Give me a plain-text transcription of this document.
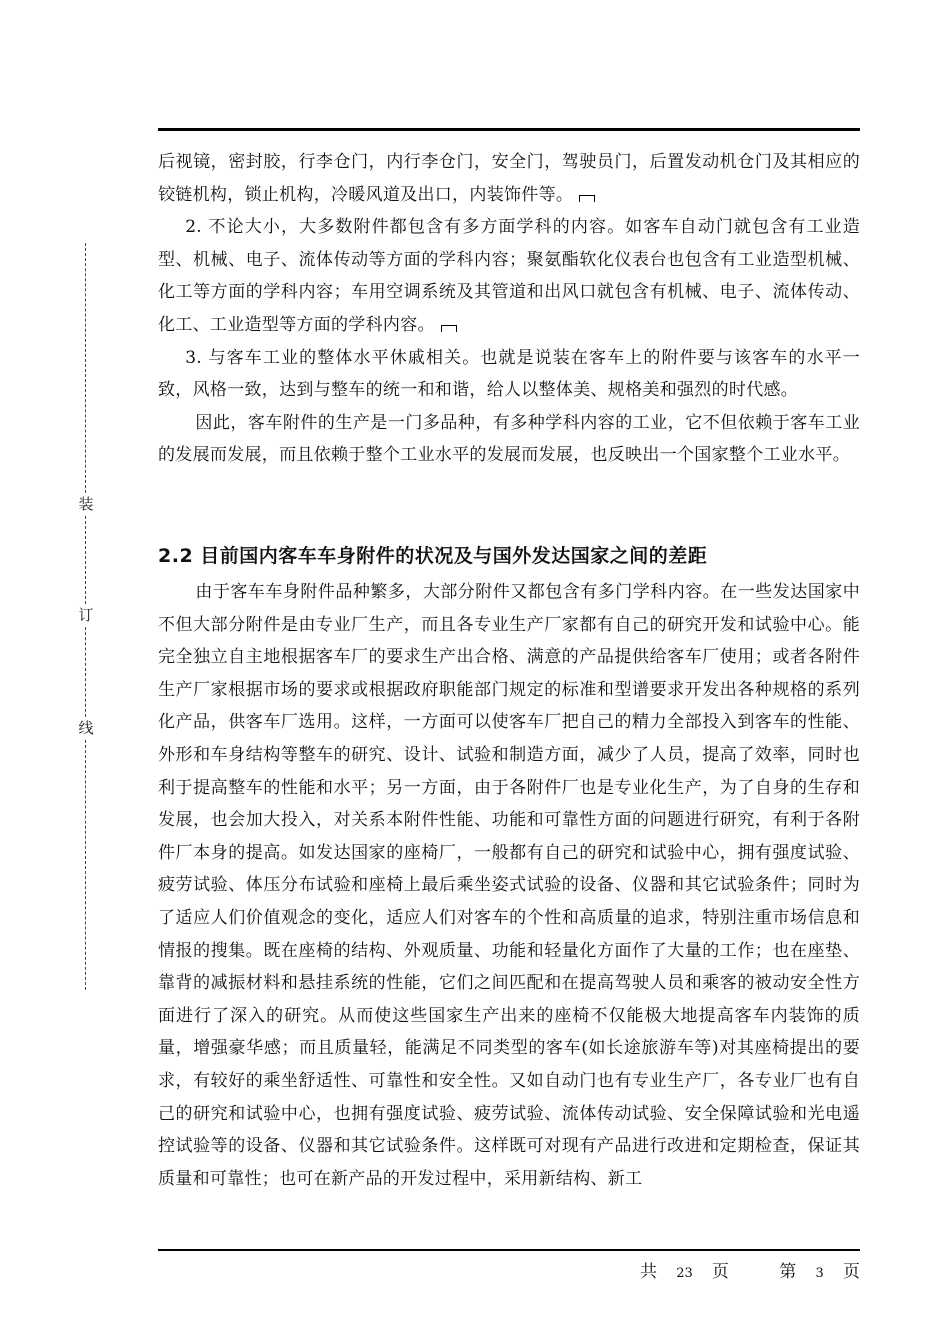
装
订
线

后视镜，密封胶，行李仓门，内行李仓门，安全门，驾驶员门，后置发动机仓门及其相应的铰链机构，锁止机构，冷暖风道及出口，内装饰件等。

2. 不论大小，大多数附件都包含有多方面学科的内容。如客车自动门就包含有工业造型、机械、电子、流体传动等方面的学科内容；聚氨酯软化仪表台也包含有工业造型机械、化工等方面的学科内容；车用空调系统及其管道和出风口就包含有机械、电子、流体传动、化工、工业造型等方面的学科内容。

3. 与客车工业的整体水平休戚相关。也就是说装在客车上的附件要与该客车的水平一致，风格一致，达到与整车的统一和和谐，给人以整体美、规格美和强烈的时代感。

因此，客车附件的生产是一门多品种，有多种学科内容的工业，它不但依赖于客车工业的发展而发展，而且依赖于整个工业水平的发展而发展，也反映出一个国家整个工业水平。

2.2 目前国内客车车身附件的状况及与国外发达国家之间的差距

由于客车车身附件品种繁多，大部分附件又都包含有多门学科内容。在一些发达国家中不但大部分附件是由专业厂生产，而且各专业生产厂家都有自己的研究开发和试验中心。能完全独立自主地根据客车厂的要求生产出合格、满意的产品提供给客车厂使用；或者各附件生产厂家根据市场的要求或根据政府职能部门规定的标准和型谱要求开发出各种规格的系列化产品，供客车厂选用。这样，一方面可以使客车厂把自己的精力全部投入到客车的性能、外形和车身结构等整车的研究、设计、试验和制造方面，减少了人员，提高了效率，同时也利于提高整车的性能和水平；另一方面，由于各附件厂也是专业化生产，为了自身的生存和发展，也会加大投入，对关系本附件性能、功能和可靠性方面的问题进行研究，有利于各附件厂本身的提高。如发达国家的座椅厂，一般都有自己的研究和试验中心，拥有强度试验、疲劳试验、体压分布试验和座椅上最后乘坐姿式试验的设备、仪器和其它试验条件；同时为了适应人们价值观念的变化，适应人们对客车的个性和高质量的追求，特别注重市场信息和情报的搜集。既在座椅的结构、外观质量、功能和轻量化方面作了大量的工作；也在座垫、靠背的减振材料和悬挂系统的性能，它们之间匹配和在提高驾驶人员和乘客的被动安全性方面进行了深入的研究。从而使这些国家生产出来的座椅不仅能极大地提高客车内装饰的质量，增强豪华感；而且质量轻，能满足不同类型的客车(如长途旅游车等)对其座椅提出的要求，有较好的乘坐舒适性、可靠性和安全性。又如自动门也有专业生产厂，各专业厂也有自己的研究和试验中心，也拥有强度试验、疲劳试验、流体传动试验、安全保障试验和光电遥控试验等的设备、仪器和其它试验条件。这样既可对现有产品进行改进和定期检查，保证其质量和可靠性；也可在新产品的开发过程中，采用新结构、新工

共 23 页	第 3 页
